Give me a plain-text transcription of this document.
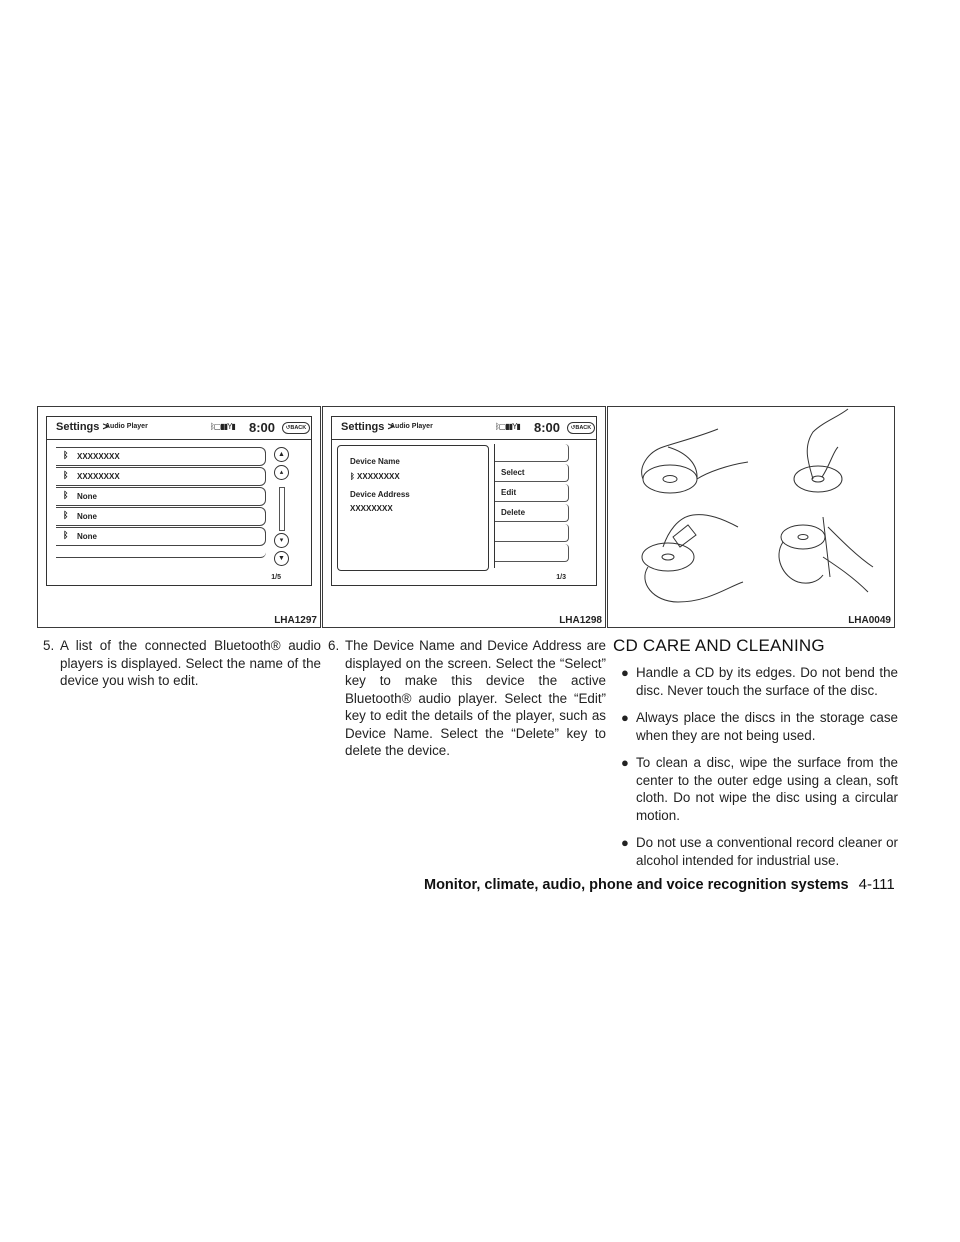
Settings >
Audio Player	ᛒ▢▮▮Y▮ 8:00	↺BACK
ᛒ XXXXXXXX
ᛒ XXXXXXXX
ᛒ None
ᛒ None
ᛒ None
▲
▴
▾
▼
1/5
LHA1297
Settings >
Audio Player	ᛒ▢▮▮Y▮ 8:00	↺BACK
Device Name
ᛒ XXXXXXXX
Device Address
XXXXXXXX
Select
Edit
Delete
1/3
LHA1298	LHA0049
5. A list of the connected Bluetooth® audio players is displayed. Select the name of the device you wish to edit.
6. The Device Name and Device Address are displayed on the screen. Select the “Select” key to make this device the active Bluetooth® audio player. Select the “Edit” key to edit the details of the player, such as Device Name. Select the “Delete” key to delete the device.
CD CARE AND CLEANING
● Handle a CD by its edges. Do not bend the disc. Never touch the surface of the disc.
● Always place the discs in the storage case when they are not being used.
● To clean a disc, wipe the surface from the center to the outer edge using a clean, soft cloth. Do not wipe the disc using a circular motion.
● Do not use a conventional record cleaner or alcohol intended for industrial use.
Monitor, climate, audio, phone and voice recognition systems 4-111
